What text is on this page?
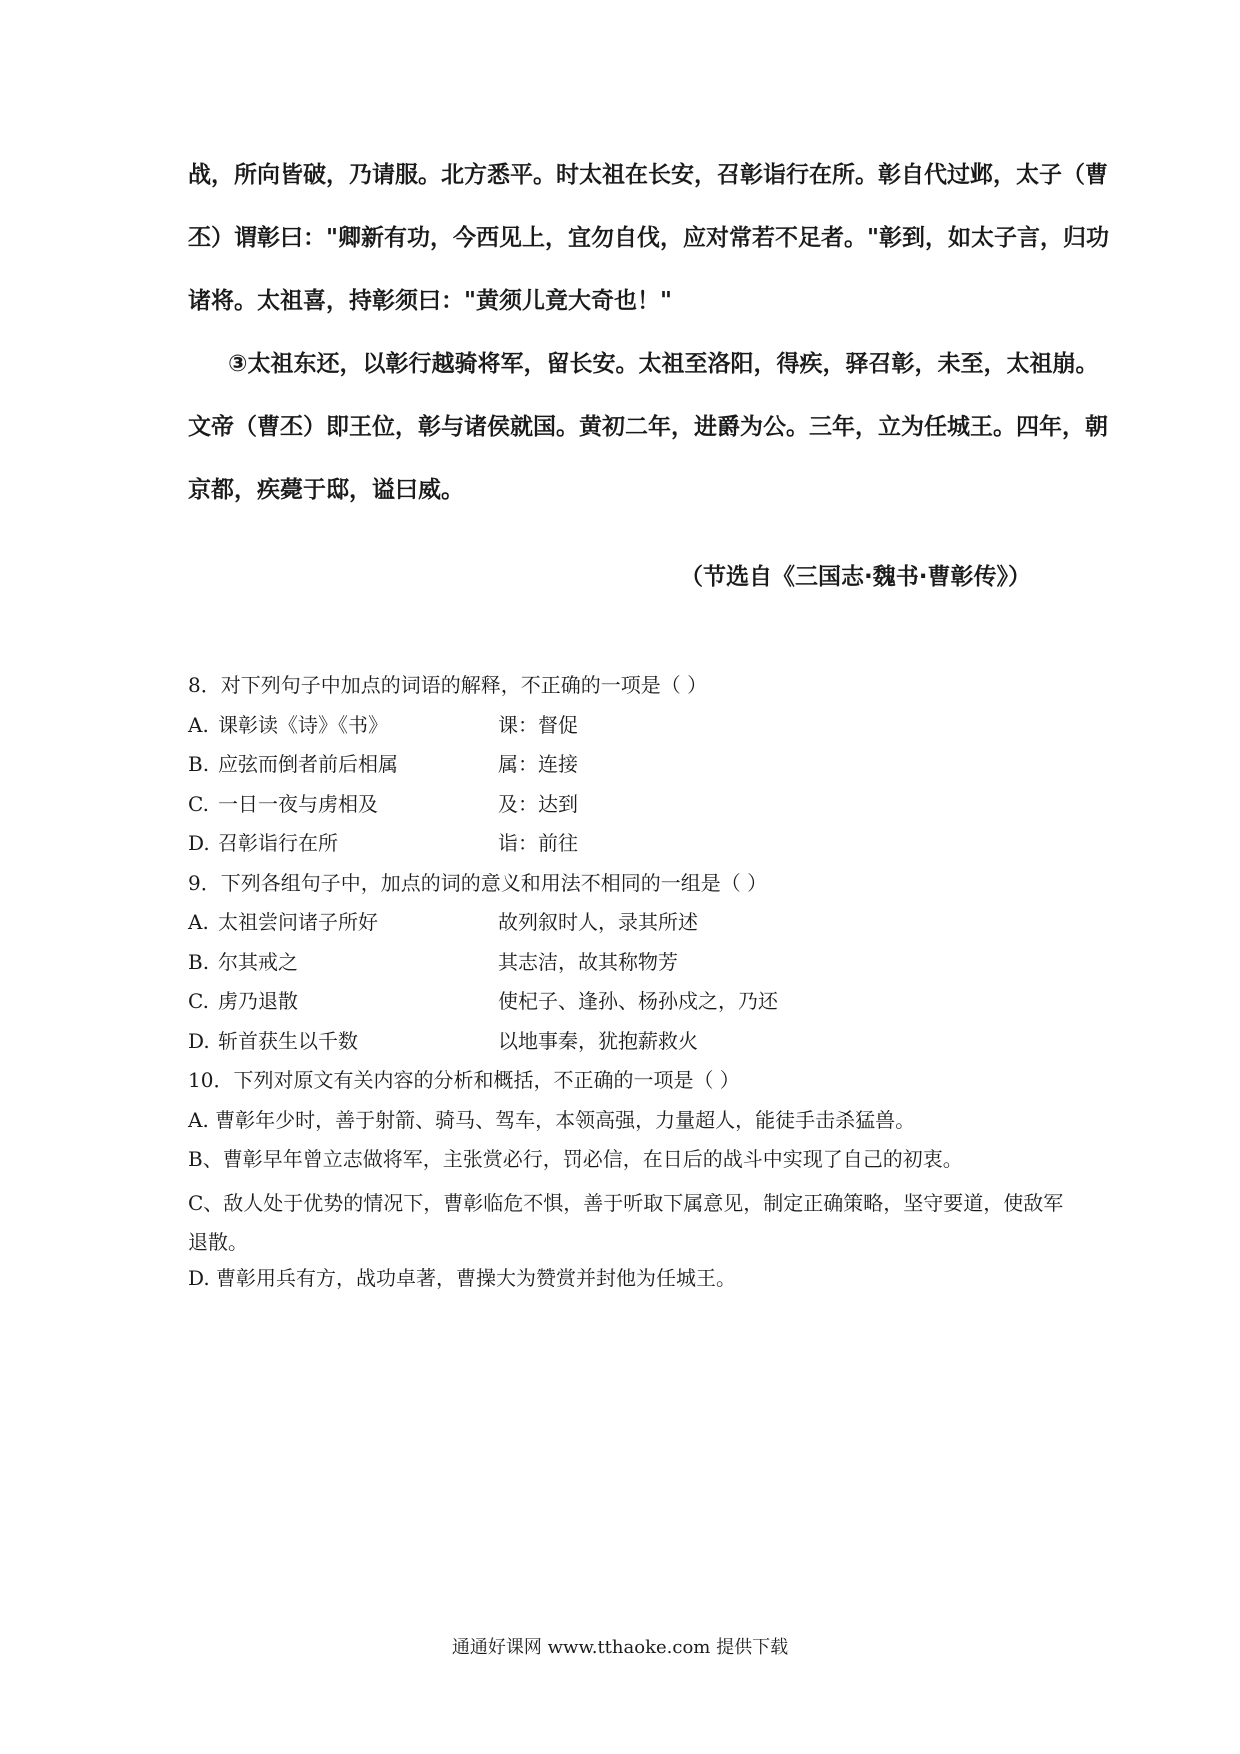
战，所向皆破，乃请服。北方悉平。时太祖在长安，召彰诣行在所。彰自代过邺，太子（曹
丕）谓彰曰："卿新有功，今西见上，宜勿自伐，应对常若不足者。"彰到，如太子言，归功
诸将。太祖喜，持彰须曰："黄须儿竟大奇也！"
③太祖东还，以彰行越骑将军，留长安。太祖至洛阳，得疾，驿召彰，未至，太祖崩。
文帝（曹丕）即王位，彰与诸侯就国。黄初二年，进爵为公。三年，立为任城王。四年，朝
京都，疾薨于邸，谥曰威。
（节选自《三国志·魏书·曹彰传》）
8．对下列句子中加点的词语的解释，不正确的一项是（ ）
A. 课彰读《诗》《书》	课：督促
B. 应弦而倒者前后相属	属：连接
C. 一日一夜与虏相及	及：达到
D. 召彰诣行在所	诣：前往
9．下列各组句子中，加点的词的意义和用法不相同的一组是（ ）
A. 太祖尝问诸子所好	故列叙时人，录其所述
B. 尔其戒之	其志洁，故其称物芳
C. 虏乃退散	使杞子、逢孙、杨孙戍之，乃还
D. 斩首获生以千数	以地事秦，犹抱薪救火
10．下列对原文有关内容的分析和概括，不正确的一项是（ ）
A. 曹彰年少时，善于射箭、骑马、驾车，本领高强，力量超人，能徒手击杀猛兽。
B、曹彰早年曾立志做将军，主张赏必行，罚必信，在日后的战斗中实现了自己的初衷。
C、敌人处于优势的情况下，曹彰临危不惧，善于听取下属意见，制定正确策略，坚守要道，使敌军退散。
D. 曹彰用兵有方，战功卓著，曹操大为赞赏并封他为任城王。
通通好课网 www.tthaoke.com 提供下载
